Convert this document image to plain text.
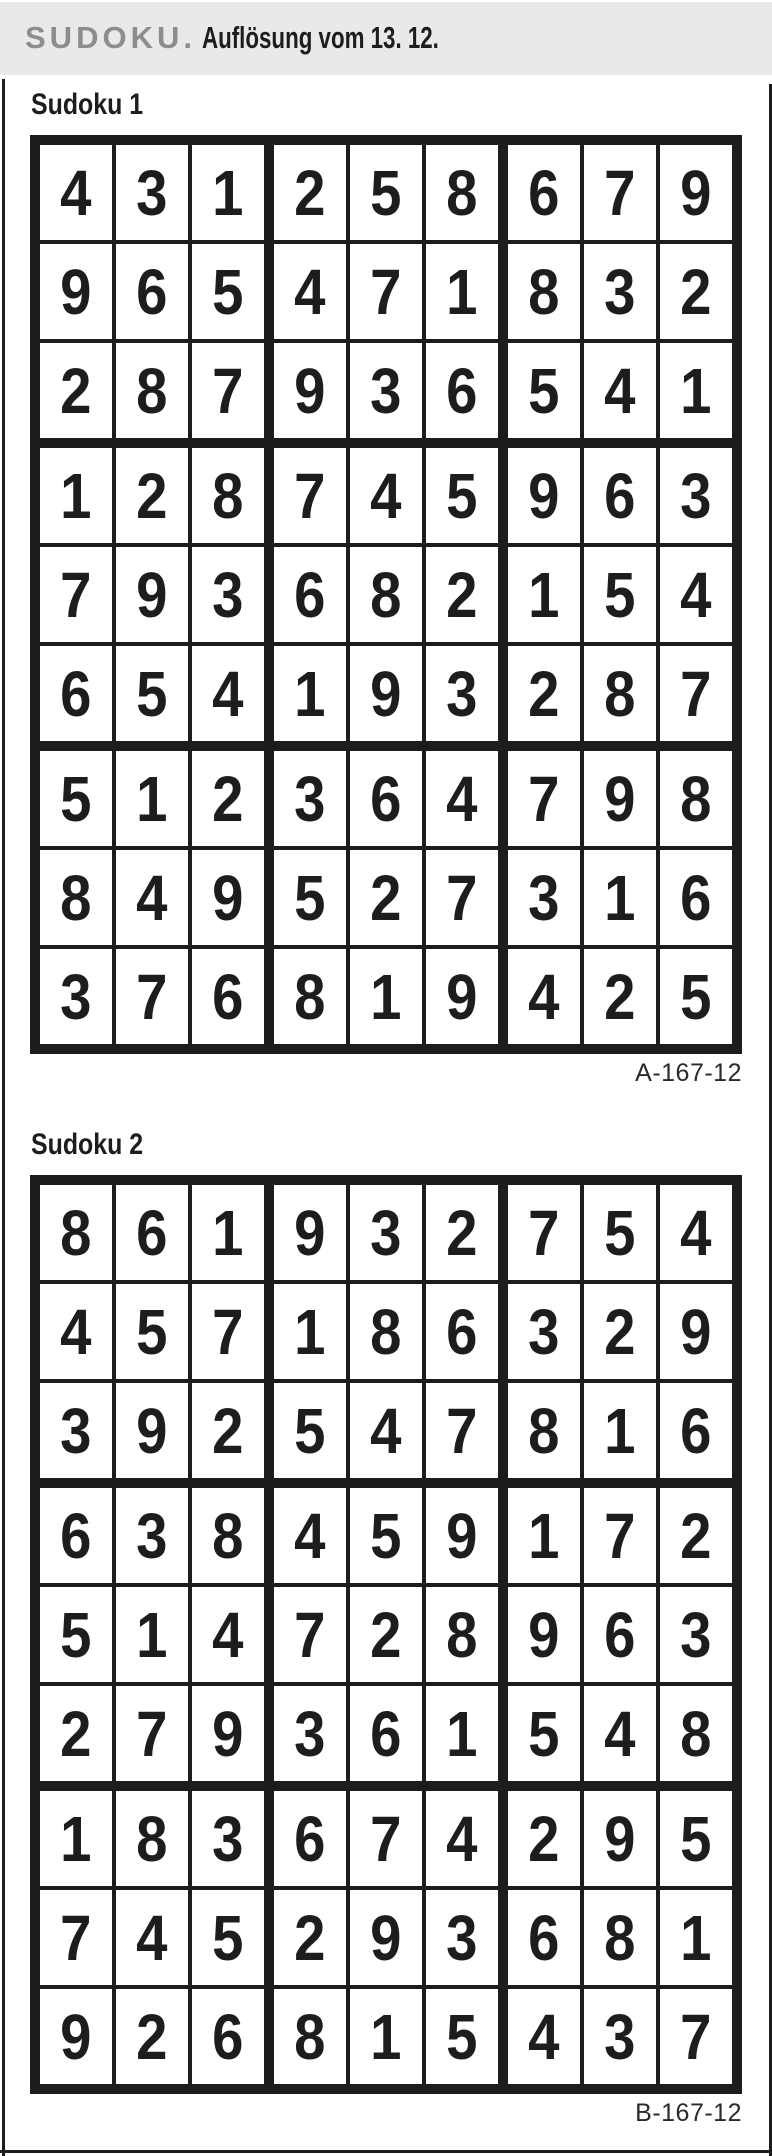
SUDOKU. Auflösung vom 13. 12.
Sudoku 1
4 3 1
9 6 5
2 8 7
2 5 8
4 7 1
9 3 6
6 7 9
8 3 2
5 4 1
1 2 8
7 9 3
6 5 4
7 4 5
6 8 2
1 9 3
9 6 3
1 5 4
2 8 7
5 1 2
8 4 9
3 7 6
3 6 4
5 2 7
8 1 9
7 9 8
3 1 6
4 2 5
A-167-12
Sudoku 2
8 6 1
4 5 7
3 9 2
9 3 2
1 8 6
5 4 7
7 5 4
3 2 9
8 1 6
6 3 8
5 1 4
2 7 9
4 5 9
7 2 8
3 6 1
1 7 2
9 6 3
5 4 8
1 8 3
7 4 5
9 2 6
6 7 4
2 9 3
8 1 5
2 9 5
6 8 1
4 3 7
B-167-12
